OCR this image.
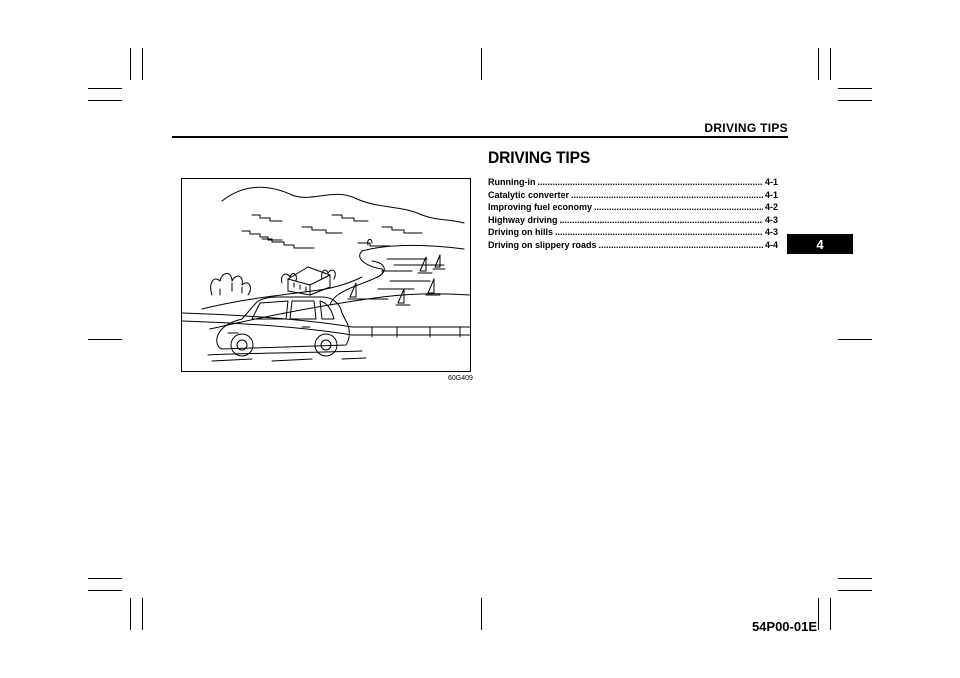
DRIVING TIPS
4
60G409
DRIVING TIPS
Running-in .....	4-1
Catalytic converter .....	4-1
Improving fuel economy .....	4-2
Highway driving .....	4-3
Driving on hills .....	4-3
Driving on slippery roads .....	4-4
54P00-01E
